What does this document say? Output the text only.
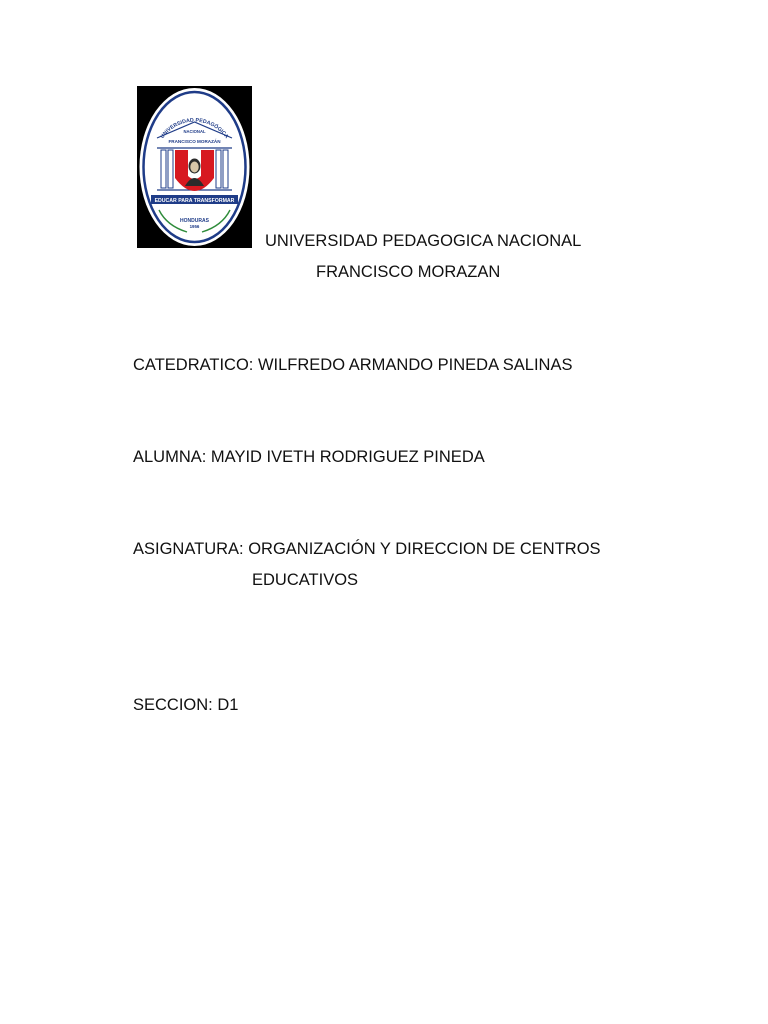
UNIVERSIDAD PEDAGÓGICA
NACIONAL
FRANCISCO MORAZÁN
EDUCAR PARA TRANSFORMAR
HONDURAS
1956
UNIVERSIDAD PEDAGOGICA NACIONAL
FRANCISCO MORAZAN
CATEDRATICO: WILFREDO ARMANDO PINEDA SALINAS
ALUMNA: MAYID IVETH RODRIGUEZ PINEDA
ASIGNATURA: ORGANIZACIÓN Y DIRECCION DE CENTROS
EDUCATIVOS
SECCION: D1
